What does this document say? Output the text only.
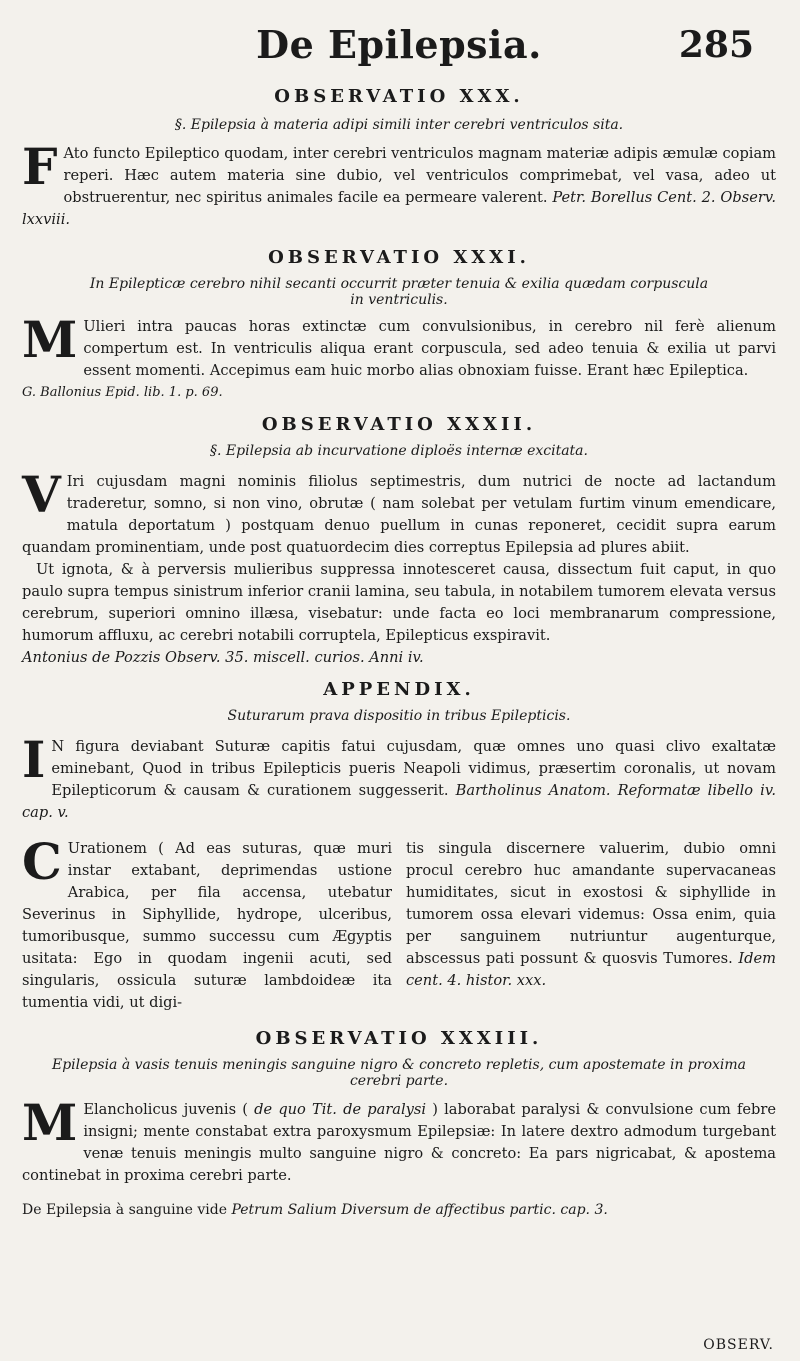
De Epilepsia.	285
OBSERVATIO XXX.
§. Epilepsia à materia adipi simili inter cerebri ventriculos sita.

F Ato functo Epileptico quodam, inter cerebri ventriculos magnam materiæ adipis æmulæ copiam reperi. Hæc autem materia sine dubio, vel ventriculos comprimebat, vel vasa, adeo ut obstruerentur, nec spiritus animales facile ea permeare valerent. Petr. Borellus Cent. 2. Observ. lxxviii.

OBSERVATIO XXXI.
In Epilepticæ cerebro nihil secanti occurrit præter tenuia & exilia quædam corpuscula in ventriculis.

M Ulieri intra paucas horas extinctæ cum convulsionibus, in cerebro nil ferè alienum compertum est. In ventriculis aliqua erant corpuscula, sed adeo tenuia & exilia ut parvi essent momenti. Accepimus eam huic morbo alias obnoxiam fuisse. Erant hæc Epileptica.

G. Ballonius Epid. lib. 1. p. 69.

OBSERVATIO XXXII.
§. Epilepsia ab incurvatione diploës internæ excitata.

V Iri cujusdam magni nominis filiolus septimestris, dum nutrici de nocte ad lactandum traderetur, somno, si non vino, obrutæ ( nam solebat per vetulam furtim vinum emendicare, matula deportatum ) postquam denuo puellum in cunas reponeret, cecidit supra earum quandam prominentiam, unde post quatuordecim dies correptus Epilepsia ad plures abiit.

Ut ignota, & à perversis mulieribus suppressa innotesceret causa, dissectum fuit caput, in quo paulo supra tempus sinistrum inferior cranii lamina, seu tabula, in notabilem tumorem elevata versus cerebrum, superiori omnino illæsa, visebatur: unde facta eo loci membranarum compressione, humorum affluxu, ac cerebri notabili corruptela, Epilepticus exspiravit.

Antonius de Pozzis Observ. 35. miscell. curios. Anni iv.

APPENDIX.
Suturarum prava dispositio in tribus Epilepticis.

I N figura deviabant Suturæ capitis fatui cujusdam, quæ omnes uno quasi clivo exaltatæ eminebant, Quod in tribus Epilepticis pueris Neapoli vidimus, præsertim coronalis, ut novam Epilepticorum & causam & curationem suggesserit. Bartholinus Anatom. Reformatæ libello iv. cap. v.

C Urationem ( Ad eas suturas, quæ muri instar extabant, deprimendas ustione Arabica, per fila accensa, utebatur Severinus in Siphyllide, hydrope, ulceribus, tumoribusque, summo successu cum Ægyptis usitata: Ego in quodam ingenii acuti, sed singularis, ossicula suturæ lambdoideæ ita tumentia vidi, ut digi-

tis singula discernere valuerim, dubio omni procul cerebro huc amandante supervacaneas humiditates, sicut in exostosi & siphyllide in tumorem ossa elevari videmus: Ossa enim, quia per sanguinem nutriuntur augenturque, abscessus pati possunt & quosvis Tumores. Idem cent. 4. histor. xxx.

OBSERVATIO XXXIII.
Epilepsia à vasis tenuis meningis sanguine nigro & concreto repletis, cum apostemate in proxima cerebri parte.

M Elancholicus juvenis ( de quo Tit. de paralysi ) laborabat paralysi & convulsione cum febre insigni; mente constabat extra paroxysmum Epilepsiæ: In latere dextro admodum turgebant venæ tenuis meningis multo sanguine nigro & concreto: Ea pars nigricabat, & apostema continebat in proxima cerebri parte.

De Epilepsia à sanguine vide Petrum Salium Diversum de affectibus partic. cap. 3.

OBSERV.
